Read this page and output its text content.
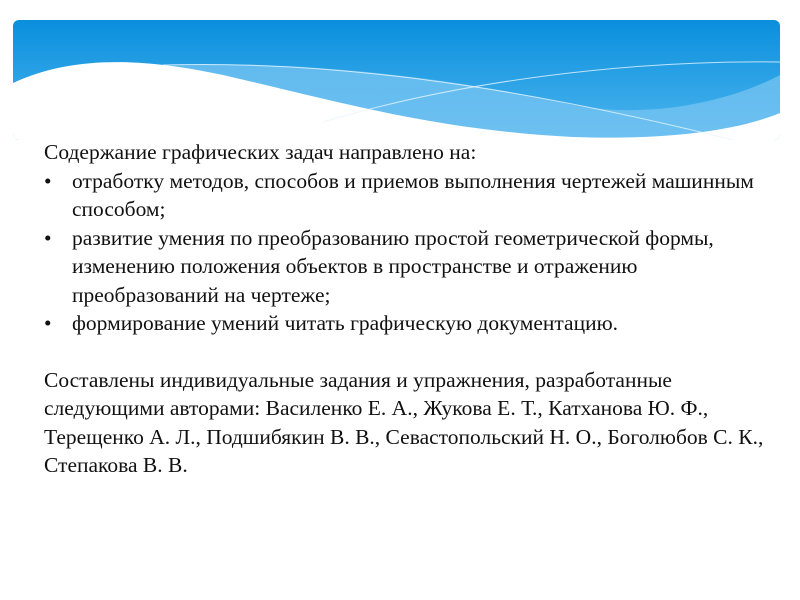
Содержание графических задач направлено на:

• отработку методов, способов и приемов выполнения чертежей машинным способом;
• развитие умения по преобразованию простой геометрической формы, изменению положения объектов в пространстве и отражению преобразований на чертеже;
• формирование умений читать графическую документацию.

Составлены индивидуальные задания и упражнения, разработанные следующими авторами: Василенко Е. А., Жукова Е. Т., Катханова Ю. Ф., Терещенко А. Л., Подшибякин В. В., Севастопольский Н. О., Боголюбов С. К., Степакова В. В.
